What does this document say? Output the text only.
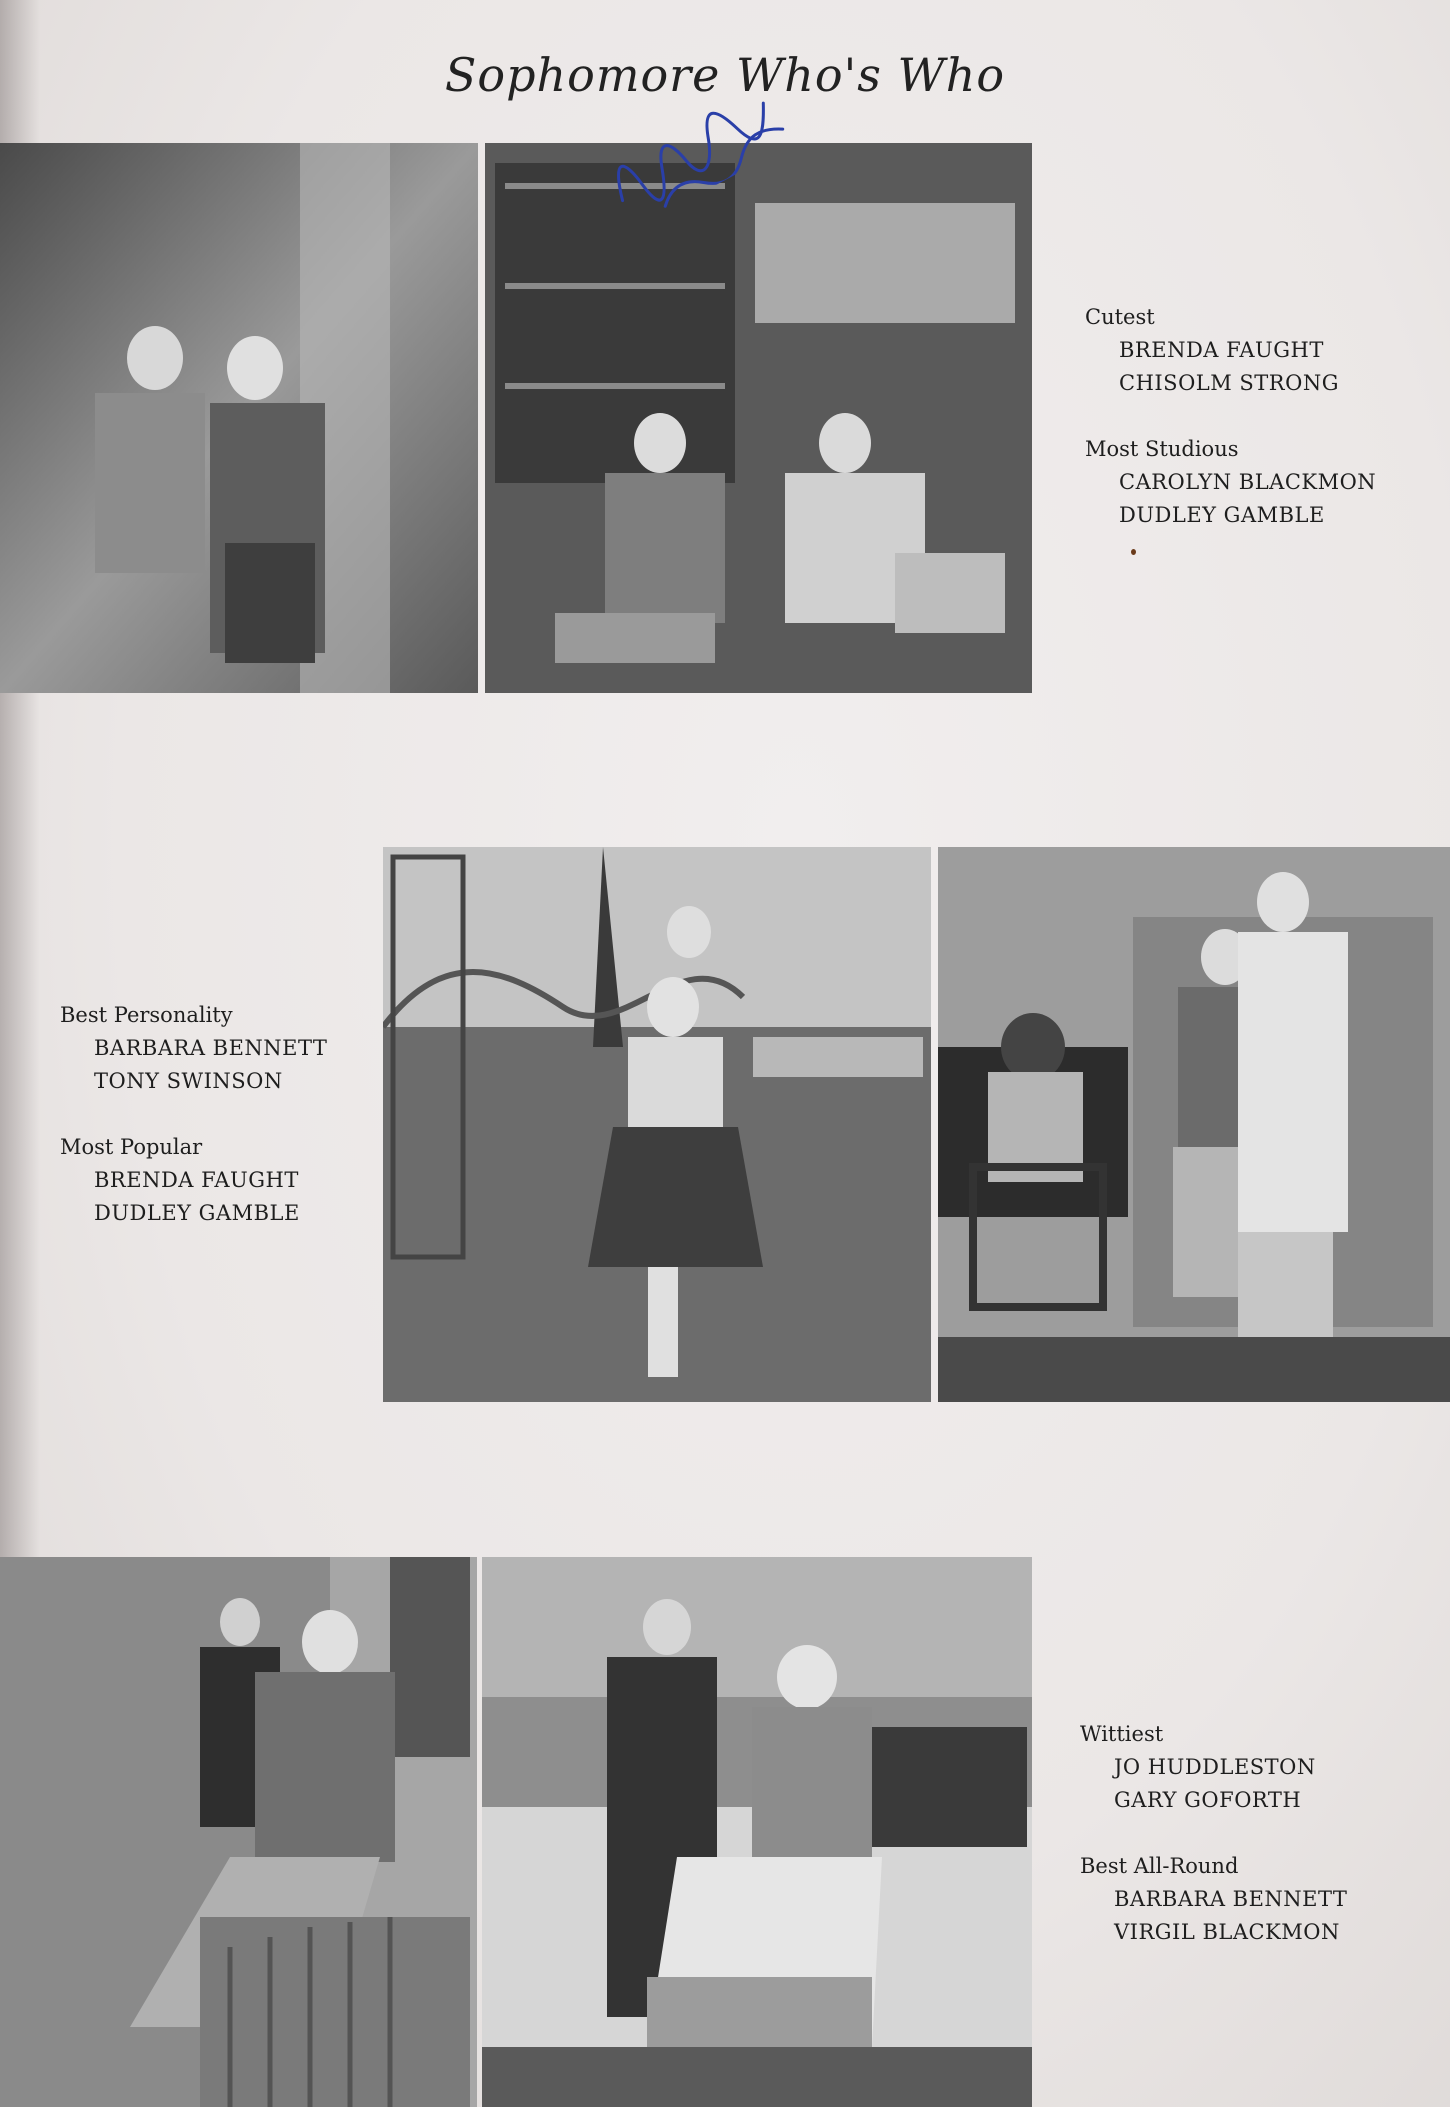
Sophomore Who's Who

Cutest

BRENDA FAUGHT

CHISOLM STRONG

Most Studious

CAROLYN BLACKMON

DUDLEY GAMBLE

Best Personality

BARBARA BENNETT

TONY SWINSON

Most Popular

BRENDA FAUGHT

DUDLEY GAMBLE

Wittiest

JO HUDDLESTON

GARY GOFORTH

Best All-Round

BARBARA BENNETT

VIRGIL BLACKMON
